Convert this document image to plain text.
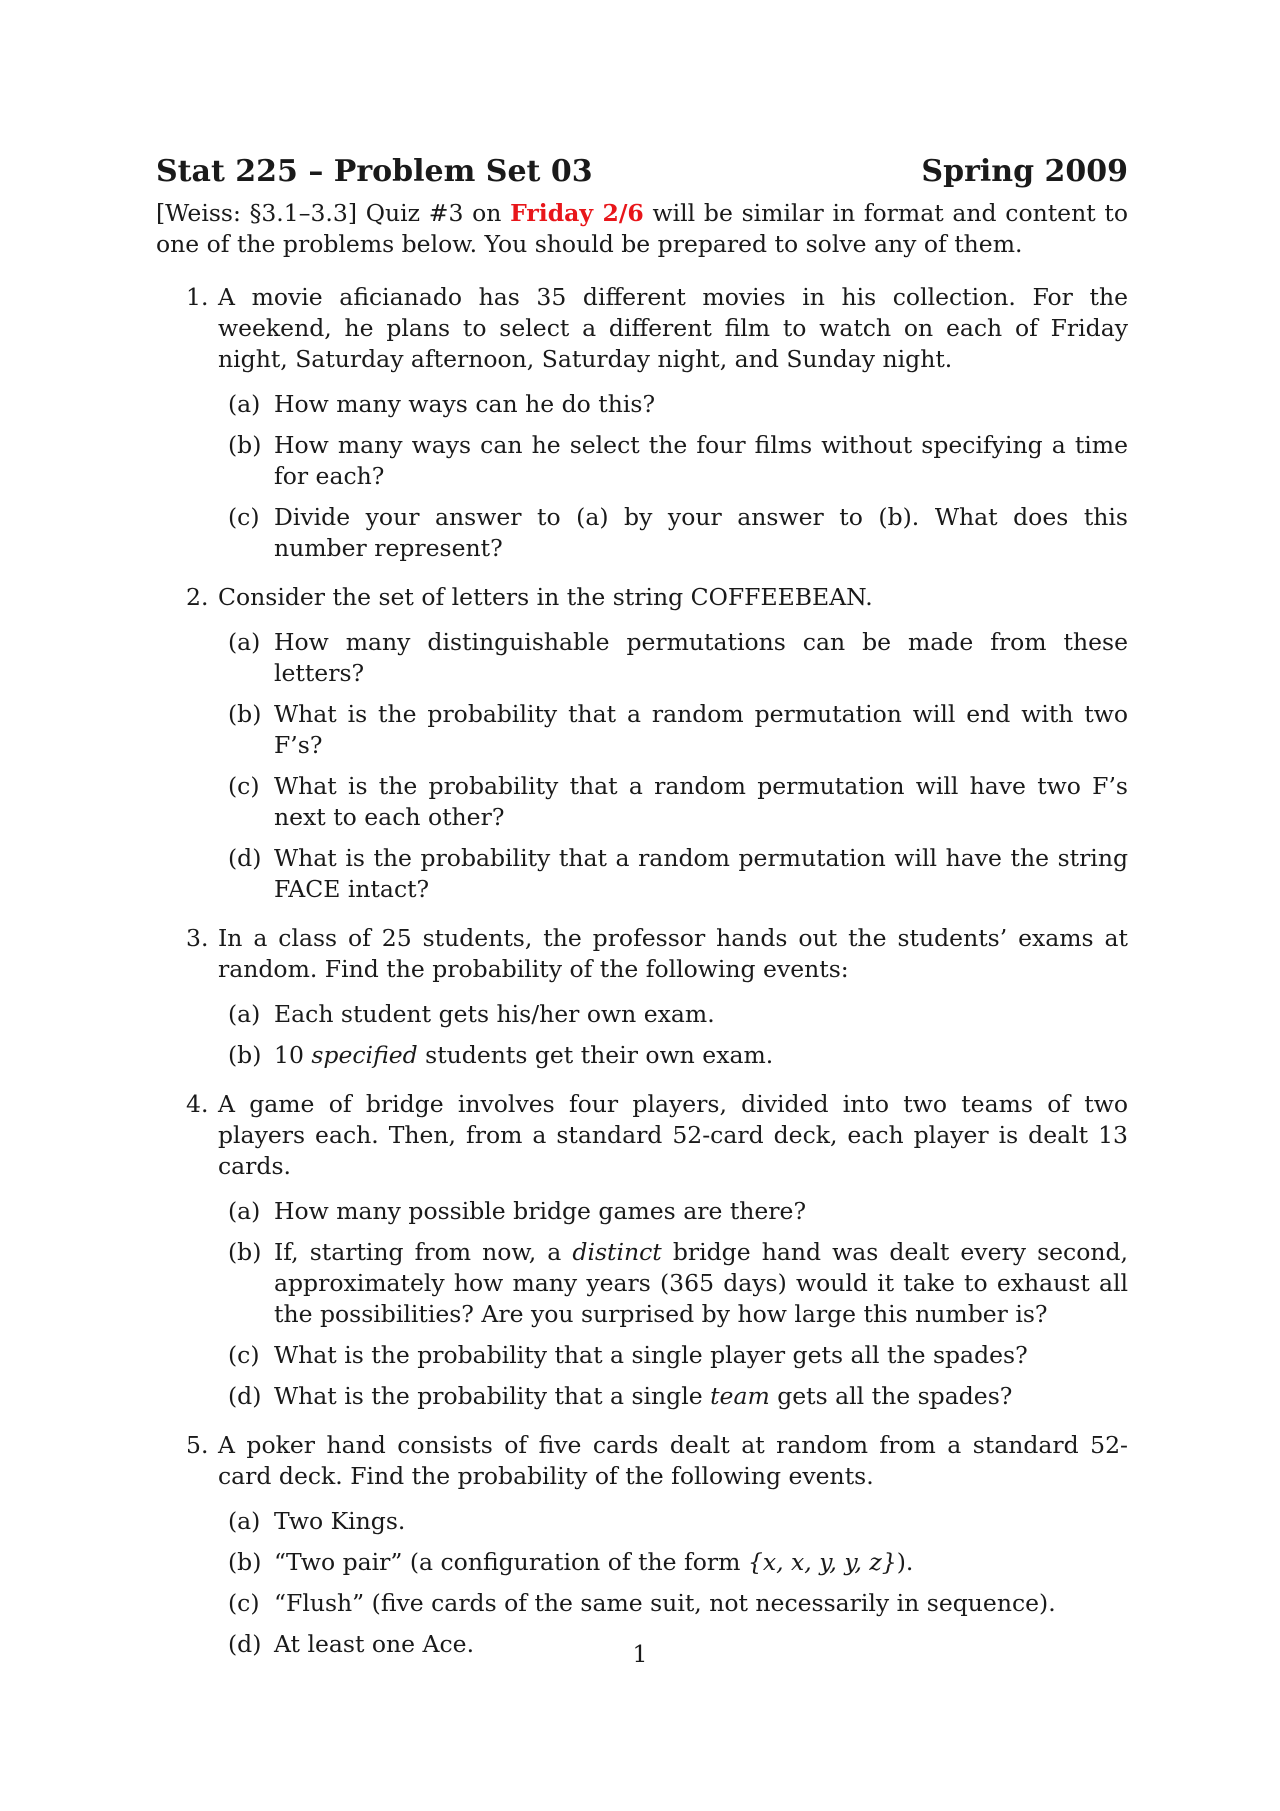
Stat 225 – Problem Set 03	Spring 2009

[Weiss: §3.1–3.3] Quiz #3 on Friday 2/6 will be similar in format and content to one of the problems below. You should be prepared to solve any of them.

1. A movie aficianado has 35 different movies in his collection. For the weekend, he plans to select a different film to watch on each of Friday night, Saturday afternoon, Saturday night, and Sunday night.
(a) How many ways can he do this?
(b) How many ways can he select the four films without specifying a time for each?
(c) Divide your answer to (a) by your answer to (b). What does this number represent?
2. Consider the set of letters in the string COFFEEBEAN.
(a) How many distinguishable permutations can be made from these letters?
(b) What is the probability that a random permutation will end with two F’s?
(c) What is the probability that a random permutation will have two F’s next to each other?
(d) What is the probability that a random permutation will have the string FACE intact?
3. In a class of 25 students, the professor hands out the students’ exams at random. Find the probability of the following events:
(a) Each student gets his/her own exam.
(b) 10 specified students get their own exam.
4. A game of bridge involves four players, divided into two teams of two players each. Then, from a standard 52-card deck, each player is dealt 13 cards.
(a) How many possible bridge games are there?
(b) If, starting from now, a distinct bridge hand was dealt every second, approximately how many years (365 days) would it take to exhaust all the possibilities? Are you surprised by how large this number is?
(c) What is the probability that a single player gets all the spades?
(d) What is the probability that a single team gets all the spades?
5. A poker hand consists of five cards dealt at random from a standard 52-card deck. Find the probability of the following events.
(a) Two Kings.
(b) “Two pair” (a configuration of the form {x, x, y, y, z}).
(c) “Flush” (five cards of the same suit, not necessarily in sequence).
(d) At least one Ace.	1
